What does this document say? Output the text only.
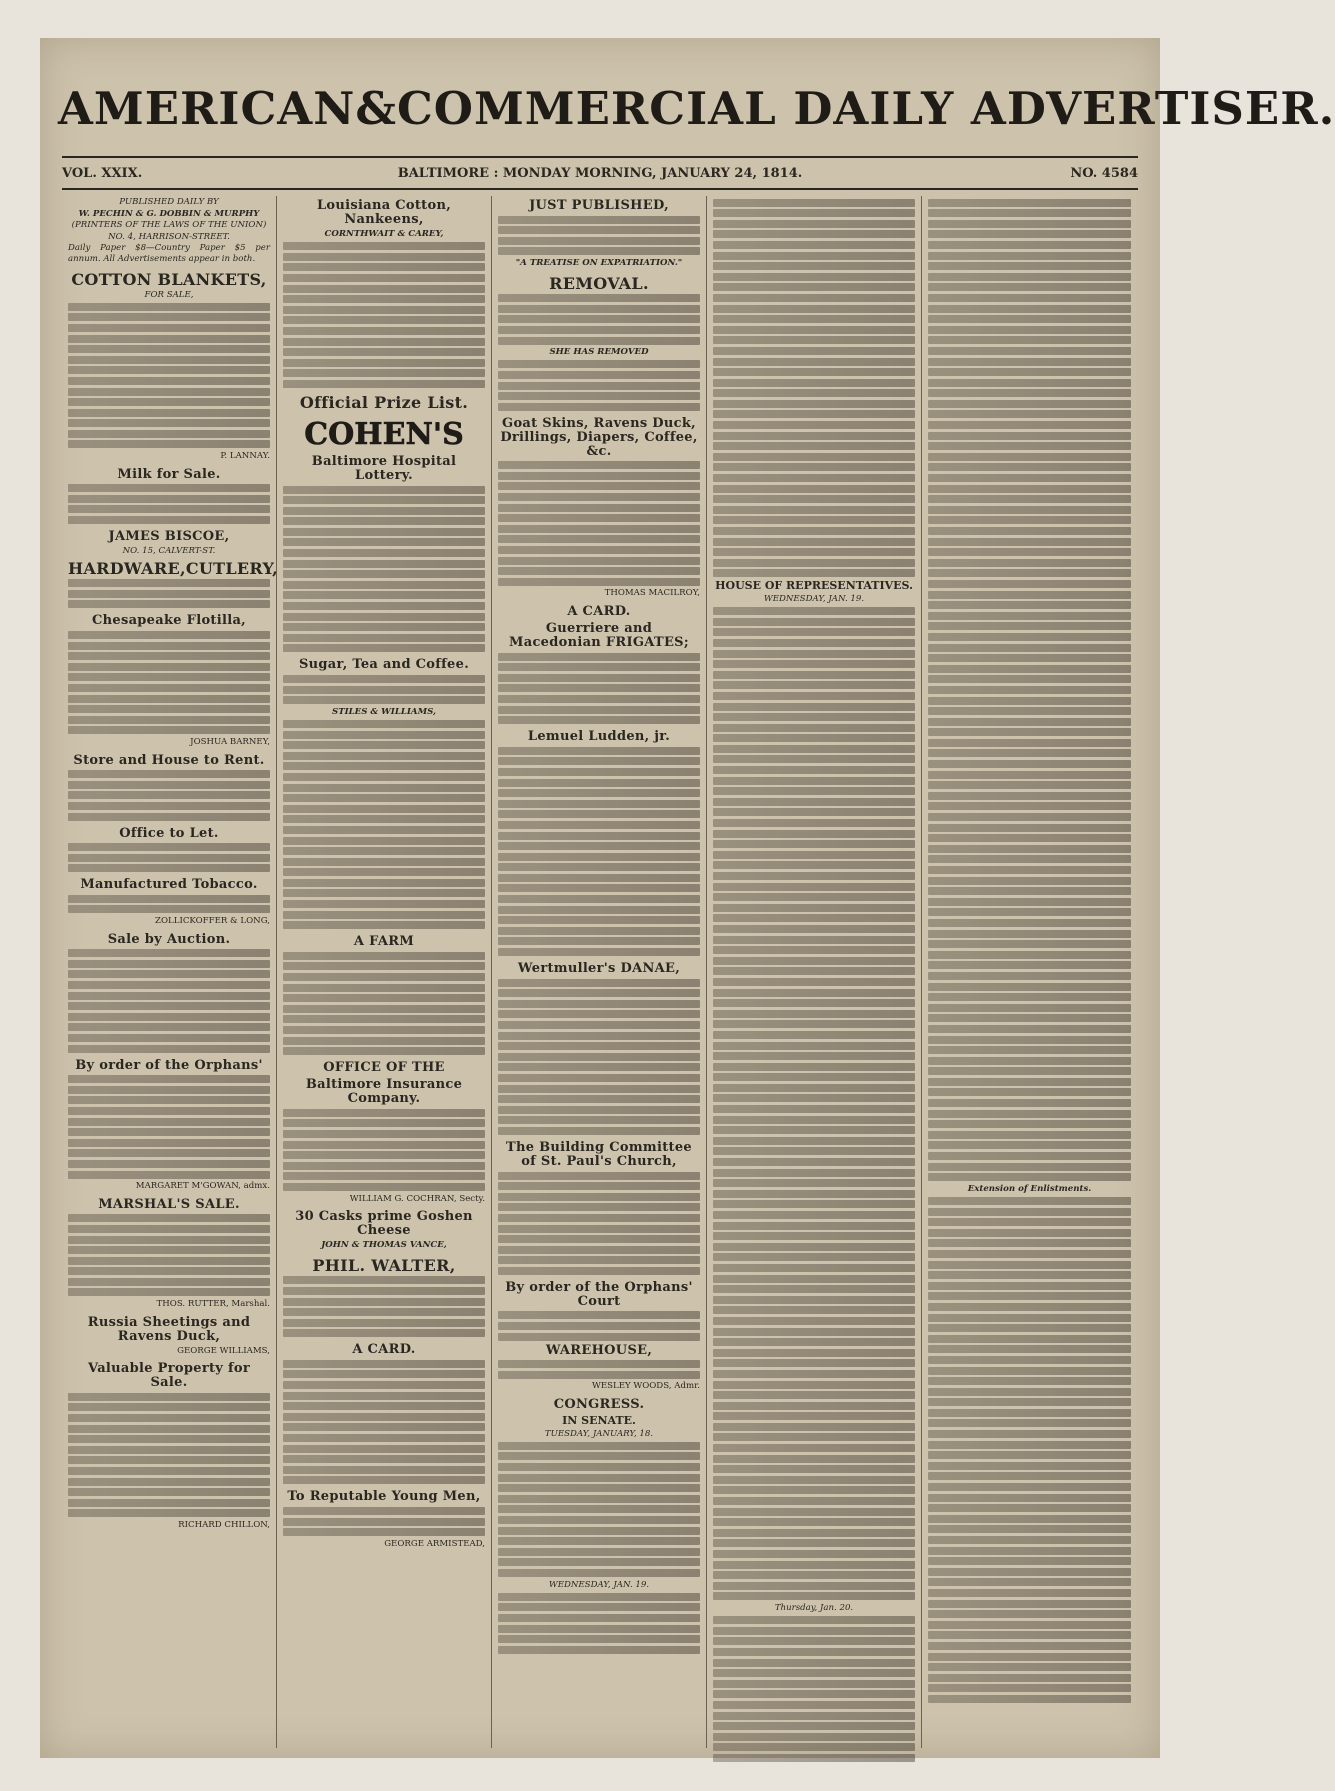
AMERICAN&COMMERCIAL DAILY ADVERTISER.
VOL. XXIX.	BALTIMORE : MONDAY MORNING, JANUARY 24, 1814.	NO. 4584
PUBLISHED DAILY BY
W. PECHIN & G. DOBBIN & MURPHY
(PRINTERS OF THE LAWS OF THE UNION)
NO. 4, HARRISON-STREET.

Daily Paper $8—Country Paper $5 per annum. All Advertisements appear in both.

COTTON BLANKETS,
FOR SALE,
P. LANNAY.
Milk for Sale.
JAMES BISCOE,
NO. 15, CALVERT-ST.
HARDWARE,CUTLERY,
Chesapeake Flotilla,
JOSHUA BARNEY,
Store and House to Rent.
Office to Let.
Manufactured Tobacco.
ZOLLICKOFFER & LONG,
Sale by Auction.
By order of the Orphans'
MARGARET M'GOWAN, admx.
MARSHAL'S SALE.
THOS. RUTTER, Marshal.
Russia Sheetings and Ravens Duck,
GEORGE WILLIAMS,
Valuable Property for Sale.
RICHARD CHILLON,
Louisiana Cotton, Nankeens,
CORNTHWAIT & CAREY,
Official Prize List.
COHEN'S
Baltimore Hospital Lottery.
Sugar, Tea and Coffee.
STILES & WILLIAMS,
A FARM
OFFICE OF THE
Baltimore Insurance Company.
WILLIAM G. COCHRAN, Secty.
30 Casks prime Goshen Cheese
JOHN & THOMAS VANCE,
PHIL. WALTER,
A CARD.
To Reputable Young Men,
GEORGE ARMISTEAD,
JUST PUBLISHED,
"A TREATISE ON EXPATRIATION."
REMOVAL.
SHE HAS REMOVED
Goat Skins, Ravens Duck, Drillings, Diapers, Coffee, &c.
THOMAS MACILROY,
A CARD.
Guerriere and Macedonian FRIGATES;
Lemuel Ludden, jr.
Wertmuller's DANAE,
The Building Committee of St. Paul's Church,
By order of the Orphans' Court
WAREHOUSE,
WESLEY WOODS, Admr.
CONGRESS.
IN SENATE.
TUESDAY, JANUARY, 18.
WEDNESDAY, JAN. 19.
HOUSE OF REPRESENTATIVES.
WEDNESDAY, JAN. 19.
Thursday, Jan. 20.
Extension of Enlistments.
